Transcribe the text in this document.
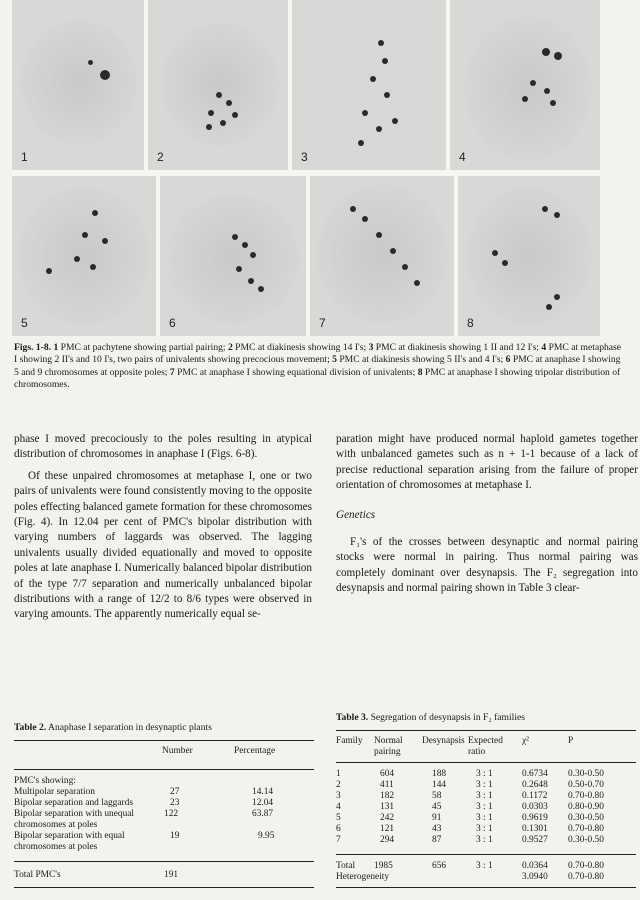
1	2	3	4
5	6	7	8
Figs. 1-8. 1 PMC at pachytene showing partial pairing; 2 PMC at diakinesis showing 14 I's; 3 PMC at diakinesis showing 1 II and 12 I's; 4 PMC at metaphase I showing 2 II's and 10 I's, two pairs of univalents showing precocious movement; 5 PMC at diakinesis showing 5 II's and 4 I's; 6 PMC at anaphase I showing 5 and 9 chromosomes at opposite poles; 7 PMC at anaphase I showing equational division of univalents; 8 PMC at anaphase I showing tripolar distribution of chromosomes.

phase I moved precociously to the poles resulting in atypical distribution of chromosomes in anaphase I (Figs. 6-8).

Of these unpaired chromosomes at metaphase I, one or two pairs of univalents were found consistently moving to the opposite poles effecting balanced gamete formation for these chromosomes (Fig. 4). In 12.04 per cent of PMC's bipolar distribution with varying numbers of laggards was observed. The lagging univalents usually divided equationally and moved to opposite poles at late anaphase I. Numerically balanced bipolar distribution of the type 7/7 separation and numerically unbalanced bipolar distributions with a range of 12/2 to 8/6 types were observed in varying amounts. The apparently numerically equal se-

paration might have produced normal haploid gametes together with unbalanced gametes such as n + 1-1 because of a lack of precise reductional separation arising from the failure of proper orientation of chromosomes at metaphase I.

Genetics

F₁'s of the crosses between desynaptic and normal pairing stocks were normal in pairing. Thus normal pairing was completely dominant over desynapsis. The F₂ segregation into desynapsis and normal pairing shown in Table 3 clear-

Table 2. Anaphase I separation in desynaptic plants
	Number	Percentage

PMC's showing:		
Multipolar separation	27	14.14
Bipolar separation and laggards	23	12.04
Bipolar separation with unequal chromosomes at poles	122	63.87
Bipolar separation with equal chromosomes at poles	19	9.95

Total PMC's	191	

Table 3. Segregation of desynapsis in F₂ families
Family	Normal pairing	Desynapsis	Expected ratio	χ²	P

1	604	188	3 : 1	0.6734	0.30-0.50
2	411	144	3 : 1	0.2648	0.50-0.70
3	182	58	3 : 1	0.1172	0.70-0.80
4	131	45	3 : 1	0.0303	0.80-0.90
5	242	91	3 : 1	0.9619	0.30-0.50
6	121	43	3 : 1	0.1301	0.70-0.80
7	294	87	3 : 1	0.9527	0.30-0.50

Total	1985	656	3 : 1	0.0364	0.70-0.80
Heterogeneity				3.0940	0.70-0.80
